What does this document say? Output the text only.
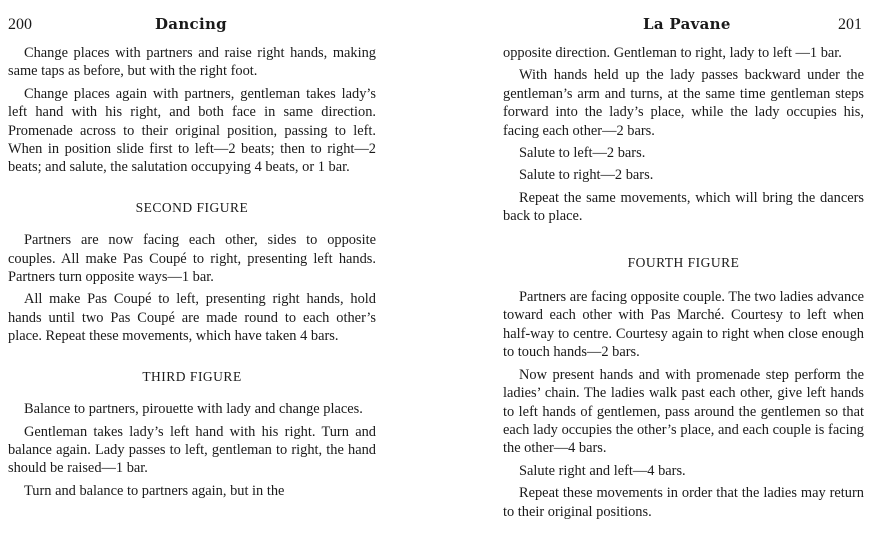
200	Dancing

Change places with partners and raise right hands, making same taps as before, but with the right foot.

Change places again with partners, gentleman takes lady’s left hand with his right, and both face in same direction. Promenade across to their original position, passing to left. When in position slide first to left—2 beats; then to right—2 beats; and salute, the salutation occupying 4 beats, or 1 bar.

SECOND FIGURE

Partners are now facing each other, sides to opposite couples. All make Pas Coupé to right, presenting left hands. Partners turn opposite ways—1 bar.

All make Pas Coupé to left, presenting right hands, hold hands until two Pas Coupé are made round to each other’s place. Repeat these movements, which have taken 4 bars.

THIRD FIGURE

Balance to partners, pirouette with lady and change places.

Gentleman takes lady’s left hand with his right. Turn and balance again. Lady passes to left, gentleman to right, the hand should be raised—1 bar.

Turn and balance to partners again, but in the

La Pavane	201

opposite direction. Gentleman to right, lady to left —1 bar.

With hands held up the lady passes backward under the gentleman’s arm and turns, at the same time gentleman steps forward into the lady’s place, while the lady occupies his, facing each other—2 bars.

Salute to left—2 bars.

Salute to right—2 bars.

Repeat the same movements, which will bring the dancers back to place.

FOURTH FIGURE

Partners are facing opposite couple. The two ladies advance toward each other with Pas Marché. Courtesy to left when half-way to centre. Courtesy again to right when close enough to touch hands—2 bars.

Now present hands and with promenade step perform the ladies’ chain. The ladies walk past each other, give left hands to left hands of gentlemen, pass around the gentlemen so that each lady occupies the other’s place, and each couple is facing the other—4 bars.

Salute right and left—4 bars.

Repeat these movements in order that the ladies may return to their original positions.
